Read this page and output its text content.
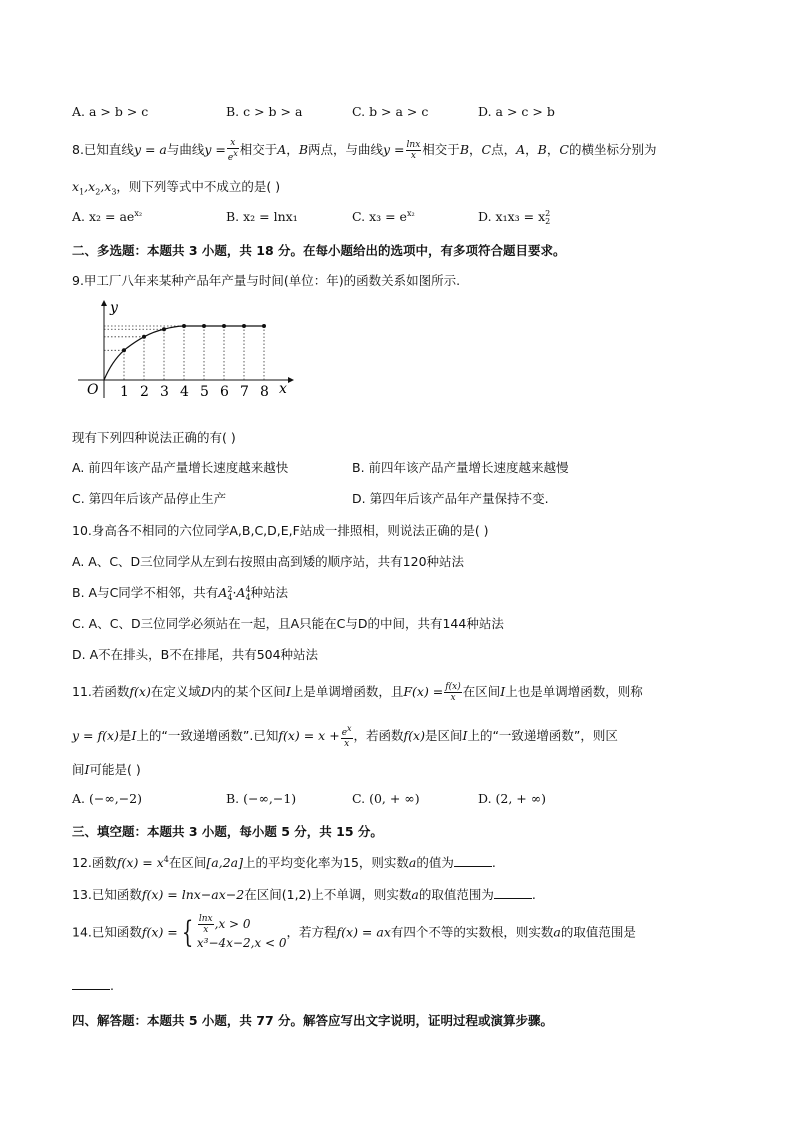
A. a > b > c	B. c > b > a	C. b > a > c	D. a > c > b
8.已知直线y = a与曲线$y = \frac{x}{e^x}$ 相交于A，B两点，与曲线$y = \frac{\ln x}{x}$ 相交于B，C点，A，B，C的横坐标分别为
$x_1,x_2,x_3$，则下列等式中不成立的是( )
A. $x_2 = ae^{x_2}$	B. x₂ = lnx₁	C. $x_3 = e^{x_2}$	D. x₁x₃ = x 2
2
二、多选题：本题共 3 小题，共 18 分。在每小题给出的选项中，有多项符合题目要求。
9.甲工厂八年来某种产品年产量与时间(单位：年)的函数关系如图所示.
x
y
O 1 2 3 4 5 6 7 8
现有下列四种说法正确的有( )
A. 前四年该产品产量增长速度越来越快	B. 前四年该产品产量增长速度越来越慢
C. 第四年后该产品停止生产	D. 第四年后该产品年产量保持不变.
10.身高各不相同的六位同学A,B,C,D,E,F站成一排照相，则说法正确的是( )
A. A、C、D三位同学从左到右按照由高到矮的顺序站，共有120种站法
B. A与C同学不相邻，共有A 2
4 ·A 4
4 种站法
C. A、C、D三位同学必须站在一起，且A只能在C与D的中间，共有144种站法
D. A不在排头，B不在排尾，共有504种站法
11.若函数f(x)在定义域D内的某个区间I上是单调增函数，且$F(x) = \frac{f(x)}{x}$ 在区间I上也是单调增函数，则称
y = f(x)是I上的“一致递增函数”.已知$f(x) = x + \frac{e^x}{x}$ ，若函数f(x)是区间I上的“一致递增函数”，则区
间I可能是( )
A. (−∞,−2)	B. (−∞,−1)	C. (0, + ∞)	D. (2, + ∞)
三、填空题：本题共 3 小题，每小题 5 分，共 15 分。
12.函数$f(x) = x^4$在区间[a,2a]上的平均变化率为15，则实数a的值为	.
13.已知函数f(x) = lnx−ax−2在区间(1,2)上不单调，则实数a的取值范围为	.
14.已知函数f(x) = { $\frac{\ln x}{x} ,x > 0$
x³−4x−2,x < 0
，若方程f(x) = ax有四个不等的实数根，则实数a的取值范围是
.
四、解答题：本题共 5 小题，共 77 分。解答应写出文字说明，证明过程或演算步骤。
